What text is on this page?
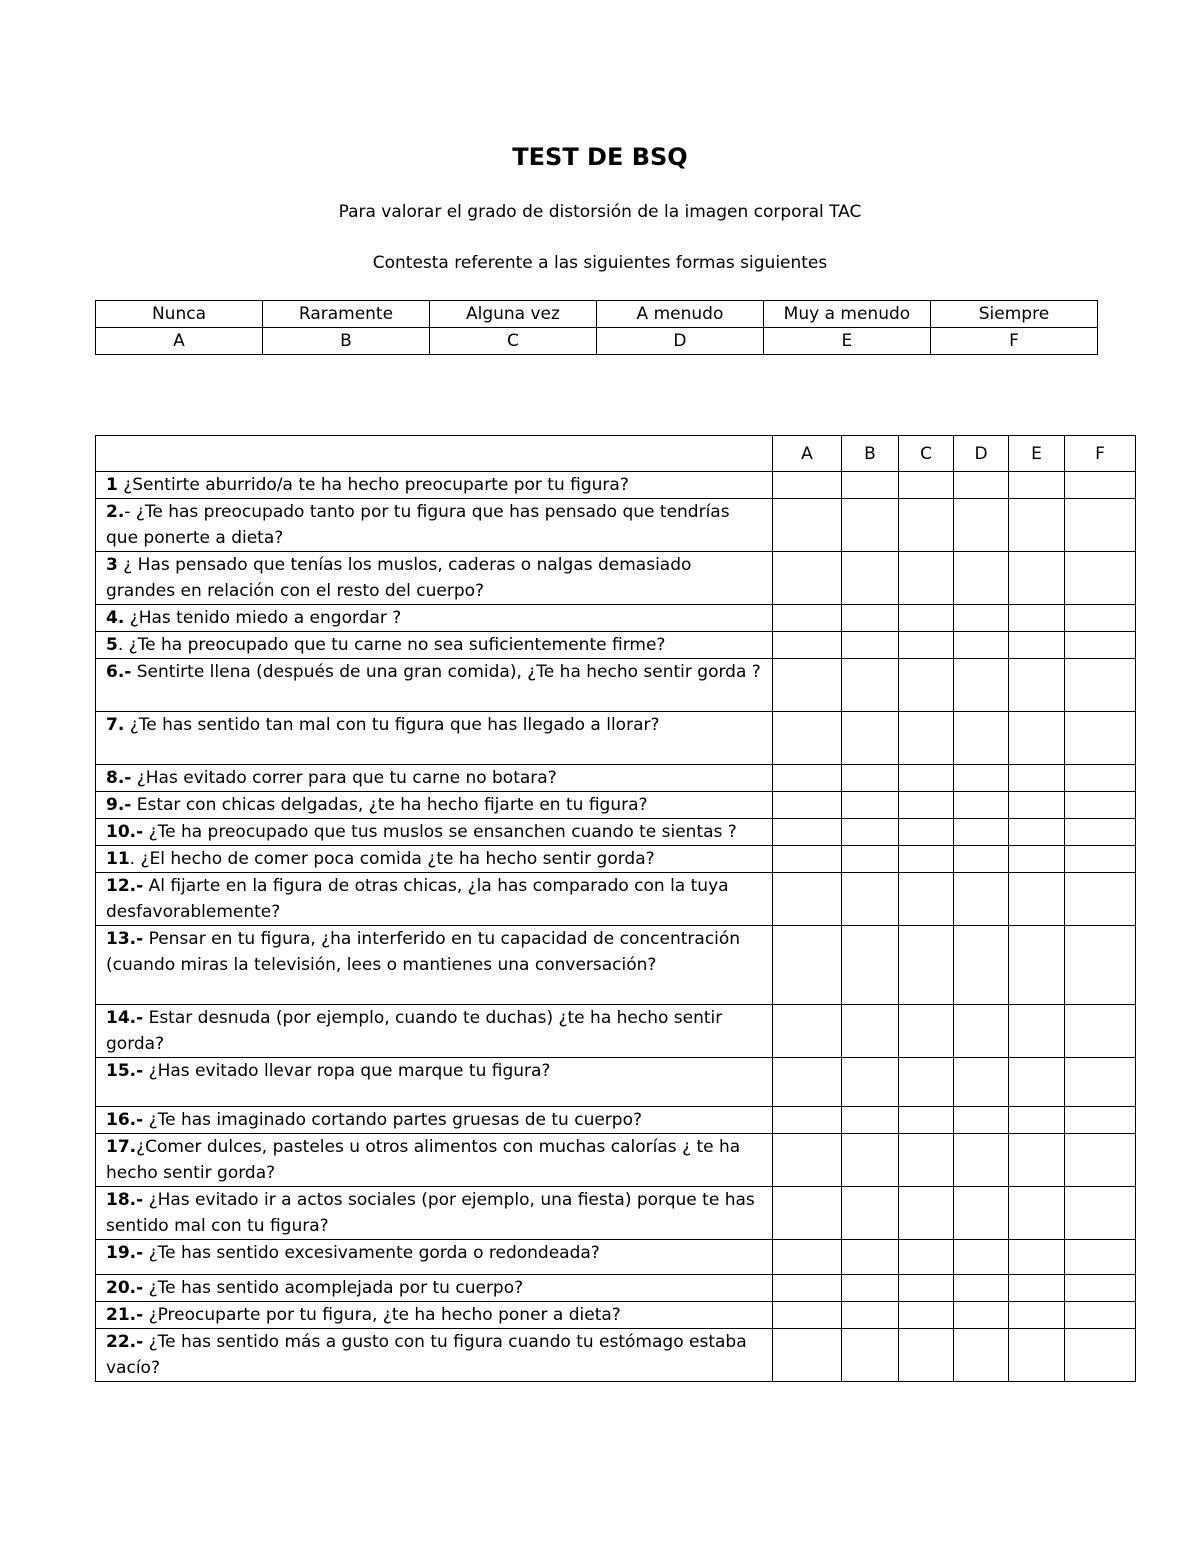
TEST DE BSQ
Para valorar el grado de distorsión de la imagen corporal TAC
Contesta referente a las siguientes formas siguientes
Nunca	Raramente	Alguna vez	A menudo	Muy a menudo	Siempre
A	B	C	D	E	F
	A	B	C	D	E	F
1 ¿Sentirte aburrido/a te ha hecho preocuparte por tu figura?						
2.- ¿Te has preocupado tanto por tu figura que has pensado que tendrías que ponerte a dieta?						
3 ¿ Has pensado que tenías los muslos, caderas o nalgas demasiado grandes en relación con el resto del cuerpo?						
4. ¿Has tenido miedo a engordar ?						
5. ¿Te ha preocupado que tu carne no sea suficientemente firme?						
6.- Sentirte llena (después de una gran comida), ¿Te ha hecho sentir gorda ?						
7. ¿Te has sentido tan mal con tu figura que has llegado a llorar?						
8.- ¿Has evitado correr para que tu carne no botara?						
9.- Estar con chicas delgadas, ¿te ha hecho fijarte en tu figura?						
10.- ¿Te ha preocupado que tus muslos se ensanchen cuando te sientas ?						
11. ¿El hecho de comer poca comida ¿te ha hecho sentir gorda?						
12.- Al fijarte en la figura de otras chicas, ¿la has comparado con la tuya desfavorablemente?						
13.- Pensar en tu figura, ¿ha interferido en tu capacidad de concentración (cuando miras la televisión, lees o mantienes una conversación?						
14.- Estar desnuda (por ejemplo, cuando te duchas) ¿te ha hecho sentir gorda?						
15.- ¿Has evitado llevar ropa que marque tu figura?						
16.- ¿Te has imaginado cortando partes gruesas de tu cuerpo?						
17.¿Comer dulces, pasteles u otros alimentos con muchas calorías ¿ te ha hecho sentir gorda?						
18.- ¿Has evitado ir a actos sociales (por ejemplo, una fiesta) porque te has sentido mal con tu figura?						
19.- ¿Te has sentido excesivamente gorda o redondeada?						
20.- ¿Te has sentido acomplejada por tu cuerpo?						
21.- ¿Preocuparte por tu figura, ¿te ha hecho poner a dieta?						
22.- ¿Te has sentido más a gusto con tu figura cuando tu estómago estaba vacío?						
